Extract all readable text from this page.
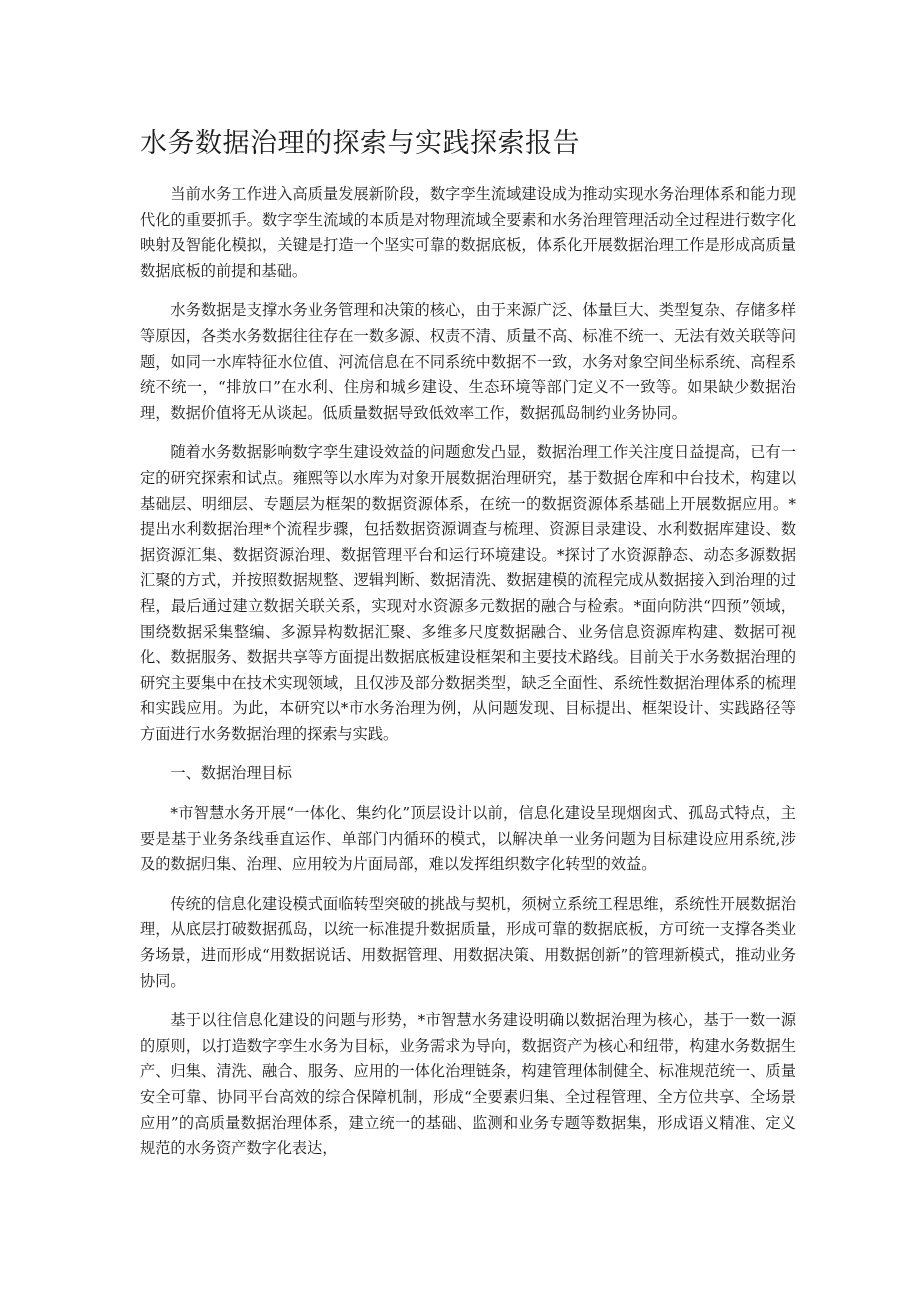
水务数据治理的探索与实践探索报告

当前水务工作进入高质量发展新阶段，数字孪生流域建设成为推动实现水务治理体系和能力现代化的重要抓手。数字孪生流域的本质是对物理流域全要素和水务治理管理活动全过程进行数字化映射及智能化模拟，关键是打造一个坚实可靠的数据底板，体系化开展数据治理工作是形成高质量数据底板的前提和基础。

水务数据是支撑水务业务管理和决策的核心，由于来源广泛、体量巨大、类型复杂、存储多样等原因，各类水务数据往往存在一数多源、权责不清、质量不高、标准不统一、无法有效关联等问题，如同一水库特征水位值、河流信息在不同系统中数据不一致，水务对象空间坐标系统、高程系统不统一，“排放口”在水利、住房和城乡建设、生态环境等部门定义不一致等。如果缺少数据治理，数据价值将无从谈起。低质量数据导致低效率工作，数据孤岛制约业务协同。

随着水务数据影响数字孪生建设效益的问题愈发凸显，数据治理工作关注度日益提高，已有一定的研究探索和试点。雍熙等以水库为对象开展数据治理研究，基于数据仓库和中台技术，构建以基础层、明细层、专题层为框架的数据资源体系，在统一的数据资源体系基础上开展数据应用。*提出水利数据治理*个流程步骤，包括数据资源调查与梳理、资源目录建设、水利数据库建设、数据资源汇集、数据资源治理、数据管理平台和运行环境建设。*探讨了水资源静态、动态多源数据汇聚的方式，并按照数据规整、逻辑判断、数据清洗、数据建模的流程完成从数据接入到治理的过程，最后通过建立数据关联关系，实现对水资源多元数据的融合与检索。*面向防洪“四预”领域，围绕数据采集整编、多源异构数据汇聚、多维多尺度数据融合、业务信息资源库构建、数据可视化、数据服务、数据共享等方面提出数据底板建设框架和主要技术路线。目前关于水务数据治理的研究主要集中在技术实现领域，且仅涉及部分数据类型，缺乏全面性、系统性数据治理体系的梳理和实践应用。为此，本研究以*市水务治理为例，从问题发现、目标提出、框架设计、实践路径等方面进行水务数据治理的探索与实践。

一、数据治理目标

*市智慧水务开展“一体化、集约化”顶层设计以前，信息化建设呈现烟囱式、孤岛式特点，主要是基于业务条线垂直运作、单部门内循环的模式，以解决单一业务问题为目标建设应用系统,涉及的数据归集、治理、应用较为片面局部，难以发挥组织数字化转型的效益。

传统的信息化建设模式面临转型突破的挑战与契机，须树立系统工程思维，系统性开展数据治理，从底层打破数据孤岛，以统一标准提升数据质量，形成可靠的数据底板，方可统一支撑各类业务场景，进而形成“用数据说话、用数据管理、用数据决策、用数据创新”的管理新模式，推动业务协同。

基于以往信息化建设的问题与形势，*市智慧水务建设明确以数据治理为核心，基于一数一源的原则，以打造数字孪生水务为目标，业务需求为导向，数据资产为核心和纽带，构建水务数据生产、归集、清洗、融合、服务、应用的一体化治理链条，构建管理体制健全、标准规范统一、质量安全可靠、协同平台高效的综合保障机制，形成“全要素归集、全过程管理、全方位共享、全场景应用”的高质量数据治理体系，建立统一的基础、监测和业务专题等数据集，形成语义精准、定义规范的水务资产数字化表达，
